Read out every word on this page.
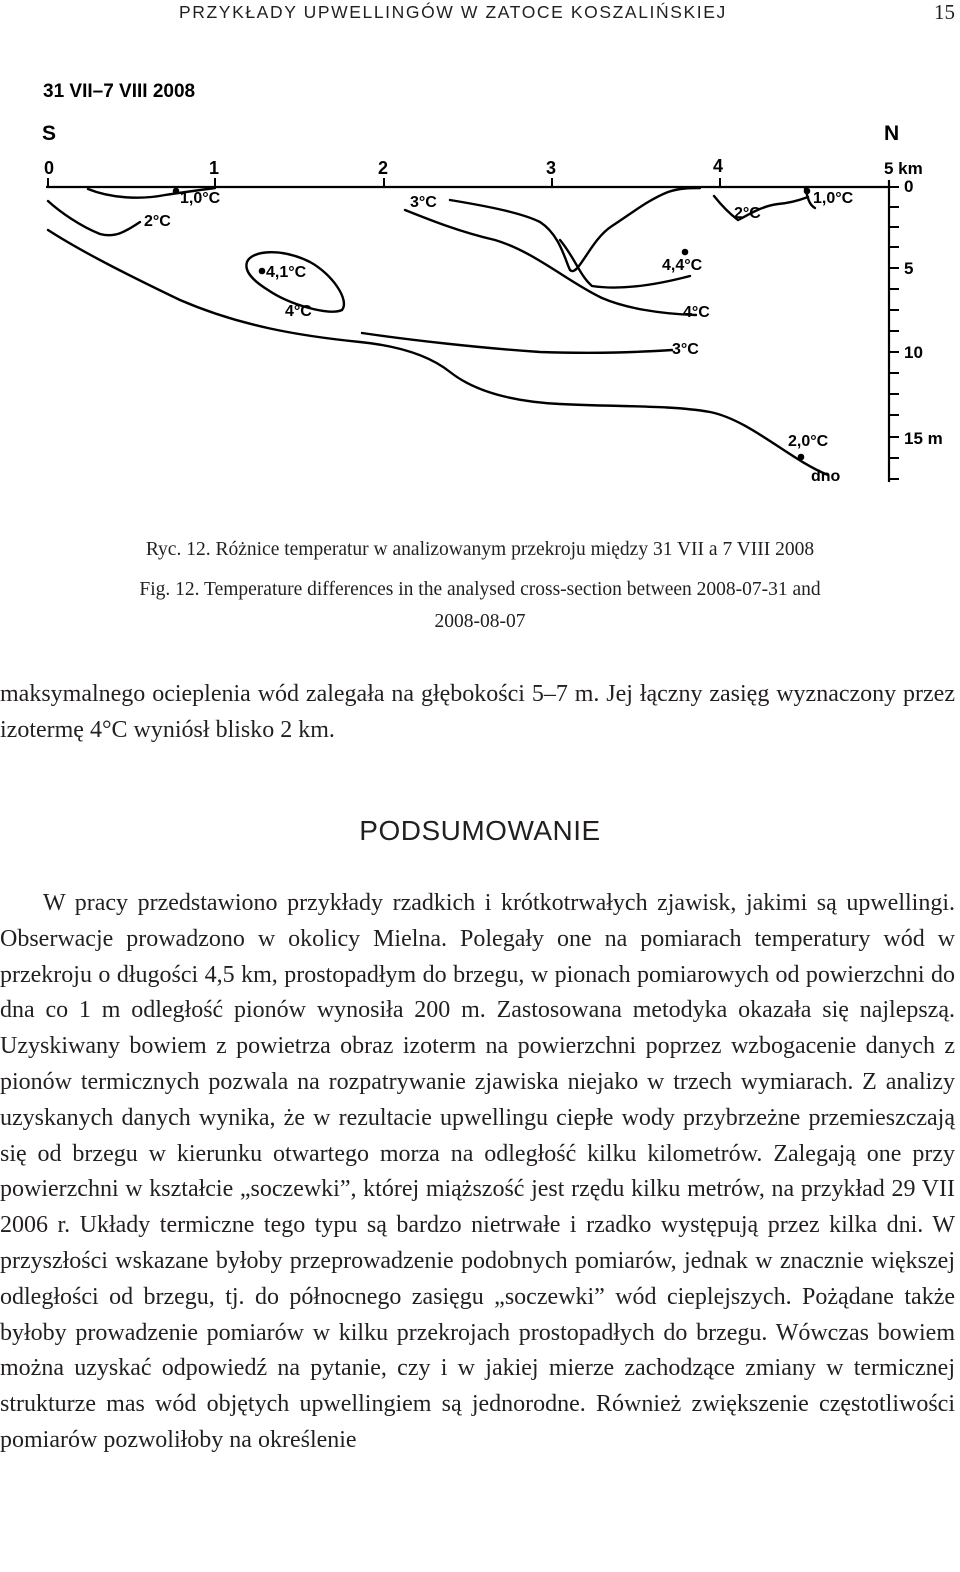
PRZYKŁADY UPWELLINGÓW W ZATOCE KOSZALIŃSKIEJ	15
31 VII–7 VIII 2008
S	N
0	1	2	3	4	5 km
0
5
10
15 m
1,0°C
2°C
3°C
2°C
1,0°C
4,1°C
4°C
4,4°C
4°C
3°C
2,0°C
dno
Ryc. 12. Różnice temperatur w analizowanym przekroju między 31 VII a 7 VIII 2008
Fig. 12. Temperature differences in the analysed cross-section between 2008-07-31 and
2008-08-07
maksymalnego ocieplenia wód zalegała na głębokości 5–7 m. Jej łączny zasięg wyznaczony przez izotermę 4°C wyniósł blisko 2 km.
PODSUMOWANIE
W pracy przedstawiono przykłady rzadkich i krótkotrwałych zjawisk, jakimi są upwellingi. Obserwacje prowadzono w okolicy Mielna. Polegały one na pomiarach temperatury wód w przekroju o długości 4,5 km, prostopadłym do brzegu, w pionach pomiarowych od powierzchni do dna co 1 m odległość pionów wynosiła 200 m. Zastosowana metodyka okazała się najlepszą. Uzyskiwany bowiem z powietrza obraz izoterm na powierzchni poprzez wzbogacenie danych z pionów termicznych pozwala na rozpatrywanie zjawiska niejako w trzech wymiarach. Z analizy uzyskanych danych wynika, że w rezultacie upwellingu ciepłe wody przybrzeżne przemieszczają się od brzegu w kierunku otwartego morza na odległość kilku kilometrów. Zalegają one przy powierzchni w kształcie „soczewki”, której miąższość jest rzędu kilku metrów, na przykład 29 VII 2006 r. Układy termiczne tego typu są bardzo nietrwałe i rzadko występują przez kilka dni. W przyszłości wskazane byłoby przeprowadzenie podobnych pomiarów, jednak w znacznie większej odległości od brzegu, tj. do północnego zasięgu „soczewki” wód cieplejszych. Pożądane także byłoby prowadzenie pomiarów w kilku przekrojach prostopadłych do brzegu. Wówczas bowiem można uzyskać odpowiedź na pytanie, czy i w jakiej mierze zachodzące zmiany w termicznej strukturze mas wód objętych upwellingiem są jednorodne. Również zwiększenie częstotliwości pomiarów pozwoliłoby na określenie
